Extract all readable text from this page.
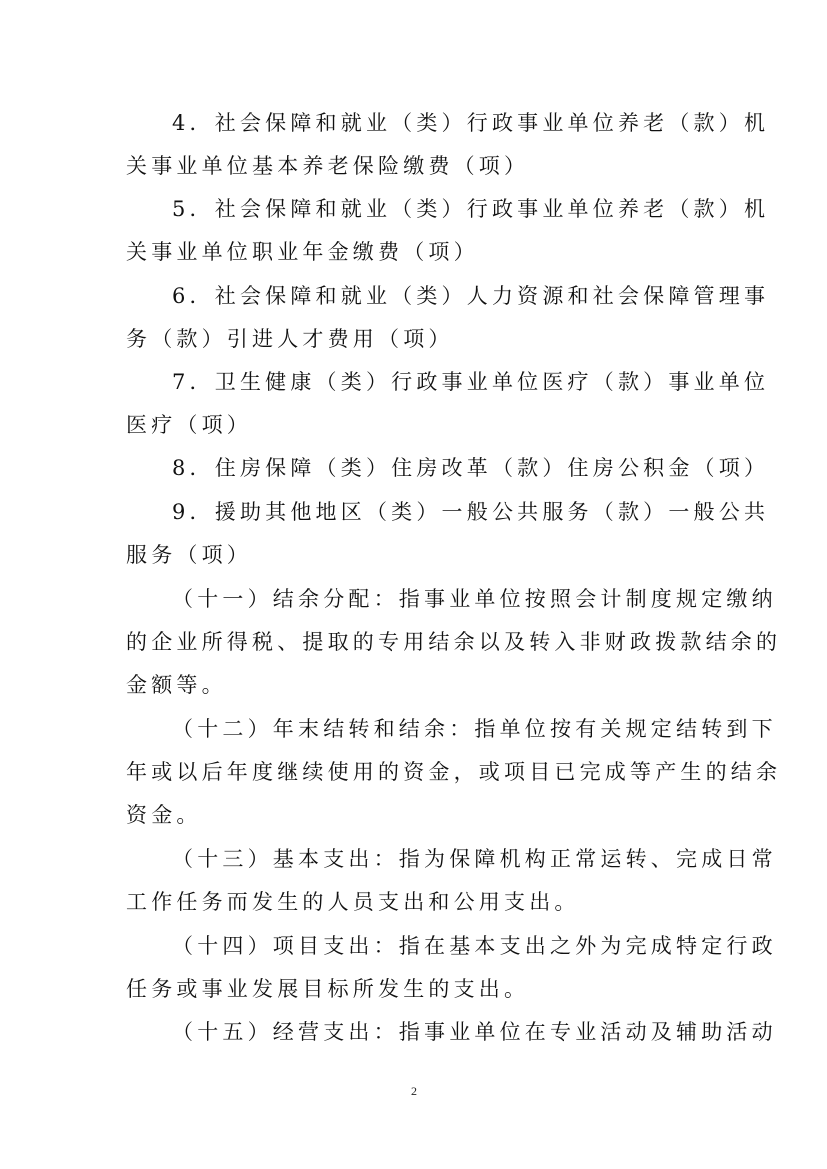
4．社会保障和就业（类）行政事业单位养老（款）机
关事业单位基本养老保险缴费（项）
5．社会保障和就业（类）行政事业单位养老（款）机
关事业单位职业年金缴费（项）
6．社会保障和就业（类）人力资源和社会保障管理事
务（款）引进人才费用（项）
7．卫生健康（类）行政事业单位医疗（款）事业单位
医疗（项）
8．住房保障（类）住房改革（款）住房公积金（项）
9．援助其他地区（类）一般公共服务（款）一般公共
服务（项）
（十一）结余分配：指事业单位按照会计制度规定缴纳
的企业所得税、提取的专用结余以及转入非财政拨款结余的
金额等。
（十二）年末结转和结余：指单位按有关规定结转到下
年或以后年度继续使用的资金，或项目已完成等产生的结余
资金。
（十三）基本支出：指为保障机构正常运转、完成日常
工作任务而发生的人员支出和公用支出。
（十四）项目支出：指在基本支出之外为完成特定行政
任务或事业发展目标所发生的支出。
（十五）经营支出：指事业单位在专业活动及辅助活动
2
